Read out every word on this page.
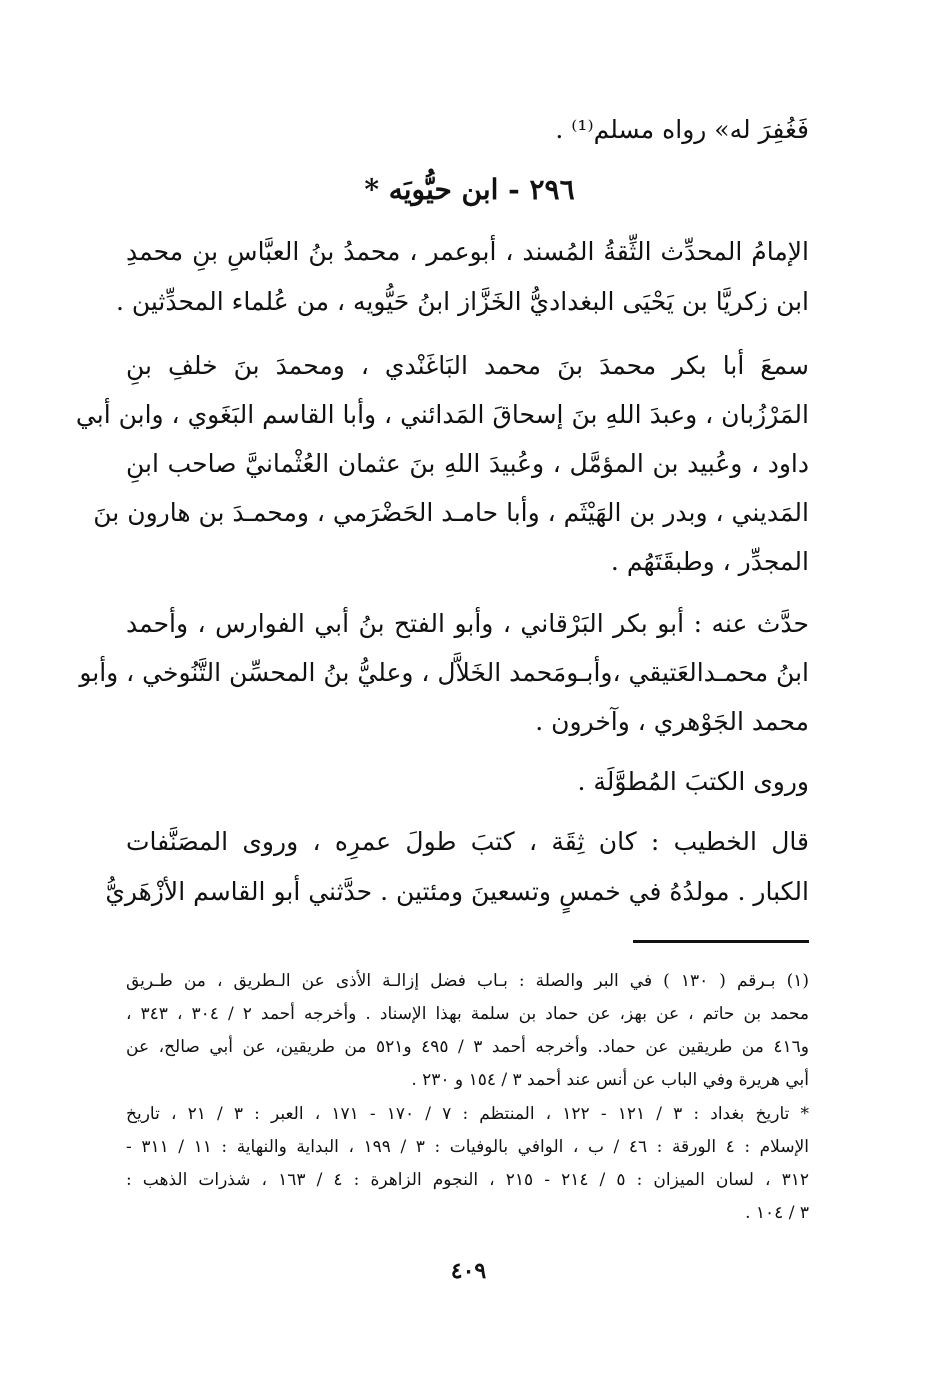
فَغُفِرَ له» رواه مسلم⁽¹⁾ .
٢٩٦ - ابن حيُّويَه *
الإمامُ المحدِّث الثِّقةُ المُسند ، أبوعمر ، محمدُ بنُ العبَّاسِ بنِ محمدِ
ابن زكريَّا بن يَحْيَى البغداديُّ الخَزَّاز ابنُ حَيُّويه ، من عُلماء المحدِّثين .
سمعَ أبا بكر محمدَ بنَ محمد البَاغَنْدي ، ومحمدَ بنَ خلفِ بنِ
المَرْزُبان ، وعبدَ اللهِ بنَ إسحاقَ المَدائني ، وأبا القاسم البَغَوي ، وابن أبي
داود ، وعُبيد بن المؤمَّل ، وعُبيدَ اللهِ بنَ عثمان العُثْمانيَّ صاحب ابنِ
المَديني ، وبدر بن الهَيْثَم ، وأبا حامـد الحَضْرَمي ، ومحمـدَ بن هارون بنَ
المجدِّر ، وطبقَتَهُم .
حدَّث عنه : أبو بكر البَرْقاني ، وأبو الفتح بنُ أبي الفوارس ، وأحمد
ابنُ محمـدالعَتيقي ،وأبـومَحمد الخَلاَّل ، وعليُّ بنُ المحسِّن التَّنُوخي ، وأبو
محمد الجَوْهري ، وآخرون .
وروى الكتبَ المُطوَّلَة .
قال الخطيب : كان ثِقَة ، كتبَ طولَ عمرِه ، وروى المصَنَّفات
الكبار . مولدُهُ في خمسٍ وتسعينَ ومئتين . حدَّثني أبو القاسم الأزْهَريُّ
(١) بـرقم ( ١٣٠ ) في البر والصلة : بـاب فضل إزالـة الأذى عن الـطريق ، من طـريق
محمد بن حاتم ، عن بهز، عن حماد بن سلمة بهذا الإسناد . وأخرجه أحمد ٢ / ٣٠٤ ، ٣٤٣ ،
و٤١٦ من طريقين عن حماد. وأخرجه أحمد ٣ / ٤٩٥ و٥٢١ من طريقين، عن أبي صالح، عن
أبي هريرة وفي الباب عن أنس عند أحمد ٣ / ١٥٤ و ٢٣٠ .
* تاريخ بغداد : ٣ / ١٢١ - ١٢٢ ، المنتظم : ٧ / ١٧٠ - ١٧١ ، العبر : ٣ / ٢١ ، تاريخ
الإسلام : ٤ الورقة : ٤٦ / ب ، الوافي بالوفيات : ٣ / ١٩٩ ، البداية والنهاية : ١١ / ٣١١ -
٣١٢ ، لسان الميزان : ٥ / ٢١٤ - ٢١٥ ، النجوم الزاهرة : ٤ / ١٦٣ ، شذرات الذهب :
٣ / ١٠٤ .
٤٠٩
